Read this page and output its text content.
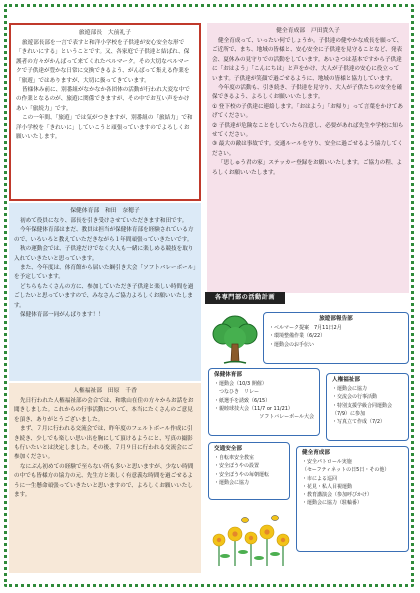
旅遊部長　大前礼子

旅遊部長部を一言で表すと和洋小学校を子供達が安心安全な形で「きれいにする」ということです。又、各家庭で子供達と結ばれ、保護者の方々がかんばって来てくれたベルマーク。その大切なベルマークで子供達が豊かな日常に交換できるよう、がんばって集える作業を「旅遊」ではありますが、大切に扱ってきています。

皆様休み前に、別番組がなかなか各団体の活動が行われ大変な中での作業となるのが、旅遊に関係できますが、その中でお互い声をかけあい「旅続力」です。

この一年間、「旅遊」では気がつきますが、別番組の「旅結力」で和洋小学校を「きれいに」していこうと頑張っていますのでよろしくお願いいたします。

健全育成部　戸田貴久子

健全育成って、いったい何でしょうか。子供達の健やかな成長を願って、ご近所で、まち、地域の皆様と、安心安全に子供達を見守ることなど、発表会、夏休みの見守りでの活動をしています。あいさつは基本ですから子供達に「おはよう」「こんにちは」と声をかけ、大人が子供達の安心に役立っています。子供達が笑顔で過ごせるように、地域の皆様と協力しています。

今年度の活動も、引き続き、子供達を見守り、大人が子供たちの安全を確保できるよう、よろしくお願いいたします。

① 登下校の子供達に連絡します。「おはよう」「お帰り」って言葉をかけてあげてください。

② 子供達が危険なことをしていたら注意し、必要があれば先生や学校に知らせてください。

③ 最大の敵は事故です。交通ルールを守り、安全に過ごせるよう協力してください。

「思しゅう君の家」ステッカー登録をお願いいたします。ご協力の程、よろしくお願いいたします。

保健体育部　和田　奈穂子

初めて役員になり、部長を引き受けさせていただきます和田です。

今年保健体育部はまだ、教員は担当が保健体育部を経験されている方ので、いろいろと教えていただきながら１年間頑張っていきたいです。

秋の運動会では、子供達だけでなく大人も一緒に楽しめる競技を取り入れていきたいと思っています。

また、今年度は、体育館から届いた綱引き大会「ソフトバレーボール」を予定しています。

どちらもたくさんの方に、参加していただき子供達と楽しい時間を過ごしたいと思っていますので、みなさんご協力よろしくお願いいたします。

保健体育部一同がんばります！！

人権福祉部　田原　千香

先日行われた人権福祉部の会合では、和歌山在住の方々からお話をお聞きしました。これからの行事活動について、本当にたくさんのご意見を頂き、ありがとうございました。

まず、７月に行われる交流会では、昨年度のフェルトボール作成に引き続き、少しでも楽しい思い出を胸にして頂けるようにと、写真の撮影も行いたいとは決定しました。その後、７月９日に行われる交流会にご参加ください。

なにぶん初めての経験で至らない所も多いと思いますが、少ない時間の中でも皆様方の協力の元、先生方と楽しく有意義な時間を過ごせるように一生懸命頑張っていきたいと思いますので、よろしくお願いいたします。

各専門部の活動計画
旅遊部報告部
・ベルマーク提案　7月11日2月
・環境整備作業（6/22）
・運動会のお手伝い
保健体育部
・運動会（10/3 開催）
　つなひき　リレー
・紙選手を誘致（6/15）
・親睦球技大会（11/7 or 11/21）
　ソフトバレーボール大会
人権福祉部
・運動会に協力
・交流会の行事活動
・特別支援学級合同運動会（7/9）に参加
・写真立て作成（7/2）
交通安全部
・自転車安全教室
・安全ぼうやの設置
・安全ぼうやの毎朝運転
・運動会に協力
健全育成部
・安全パトロール実施
（セーフティネットの日5日・その他）
・市による巡回
・花見・私人目視運動
・教育講演会（参加呼びかけ）
・運動会に協力（駐輪番）
